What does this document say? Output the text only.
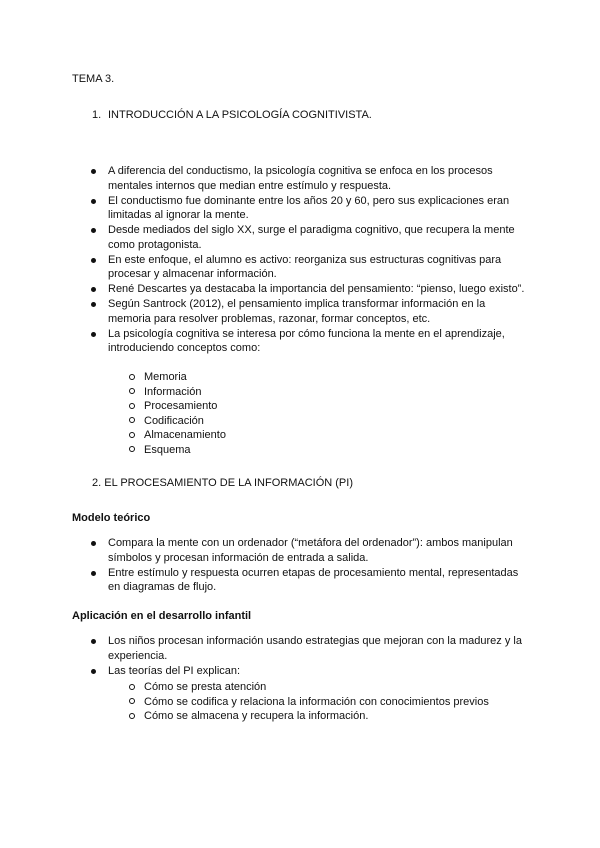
TEMA 3.
1. INTRODUCCIÓN A LA PSICOLOGÍA COGNITIVISTA.
A diferencia del conductismo, la psicología cognitiva se enfoca en los procesos mentales internos que median entre estímulo y respuesta.
El conductismo fue dominante entre los años 20 y 60, pero sus explicaciones eran limitadas al ignorar la mente.
Desde mediados del siglo XX, surge el paradigma cognitivo, que recupera la mente como protagonista.
En este enfoque, el alumno es activo: reorganiza sus estructuras cognitivas para procesar y almacenar información.
René Descartes ya destacaba la importancia del pensamiento: “pienso, luego existo”.
Según Santrock (2012), el pensamiento implica transformar información en la memoria para resolver problemas, razonar, formar conceptos, etc.
La psicología cognitiva se interesa por cómo funciona la mente en el aprendizaje, introduciendo conceptos como:
Memoria
Información
Procesamiento
Codificación
Almacenamiento
Esquema
2. EL PROCESAMIENTO DE LA INFORMACIÓN (PI)
Modelo teórico
Compara la mente con un ordenador (“metáfora del ordenador”): ambos manipulan símbolos y procesan información de entrada a salida.
Entre estímulo y respuesta ocurren etapas de procesamiento mental, representadas en diagramas de flujo.
Aplicación en el desarrollo infantil
Los niños procesan información usando estrategias que mejoran con la madurez y la experiencia.
Las teorías del PI explican:
Cómo se presta atención
Cómo se codifica y relaciona la información con conocimientos previos
Cómo se almacena y recupera la información.
